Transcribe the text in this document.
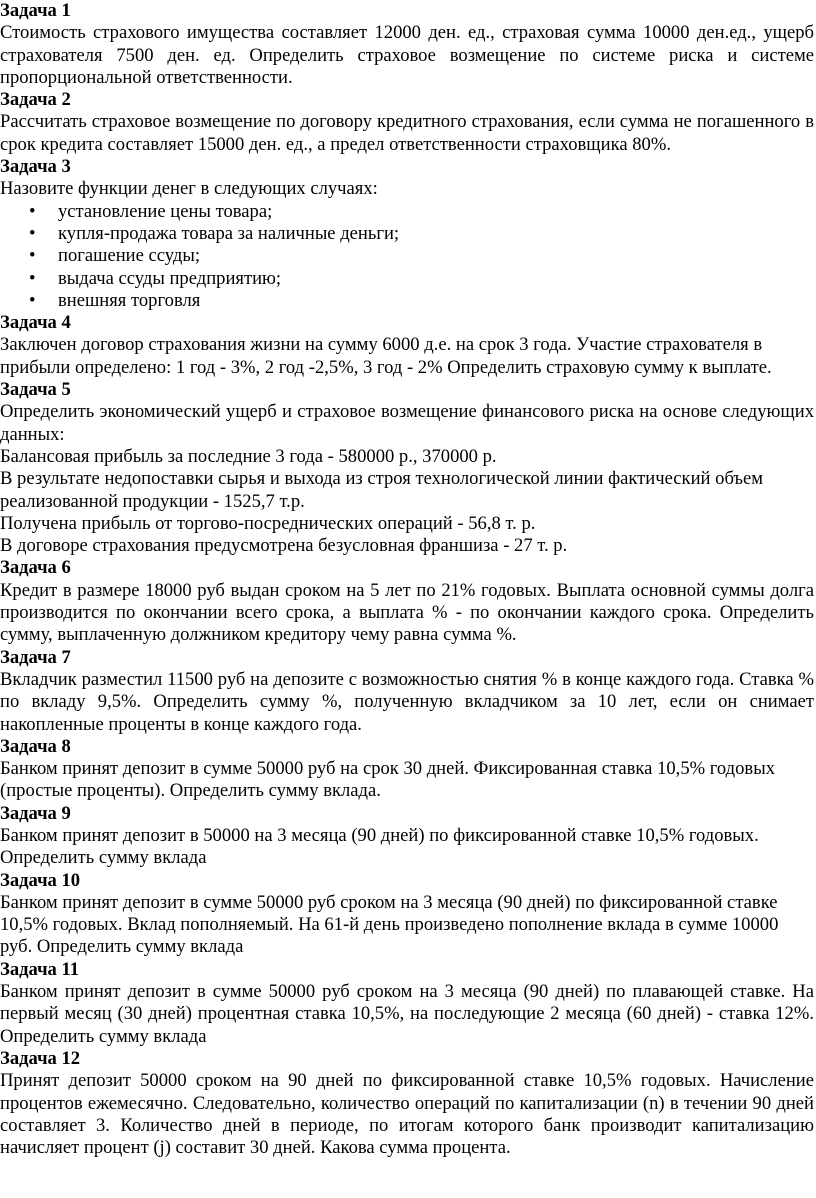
Задача 1

Стоимость страхового имущества составляет 12000 ден. ед., страховая сумма 10000 ден.ед., ущерб страхователя 7500 ден. ед. Определить страховое возмещение по системе риска и системе пропорциональной ответственности.

Задача 2

Рассчитать страховое возмещение по договору кредитного страхования, если сумма не погашенного в срок кредита составляет 15000 ден. ед., а предел ответственности страховщика 80%.

Задача 3

Назовите функции денег в следующих случаях:

• установление цены товара;
• купля-продажа товара за наличные деньги;
• погашение ссуды;
• выдача ссуды предприятию;
• внешняя торговля

Задача 4

Заключен договор страхования жизни на сумму 6000 д.е. на срок 3 года. Участие страхователя в прибыли определено: 1 год - 3%, 2 год -2,5%, 3 год - 2% Определить страховую сумму к выплате.

Задача 5

Определить экономический ущерб и страховое возмещение финансового риска на основе следующих данных:

Балансовая прибыль за последние 3 года - 580000 р., 370000 р.

В результате недопоставки сырья и выхода из строя технологической линии фактический объем реализованной продукции - 1525,7 т.р.

Получена прибыль от торгово-посреднических операций - 56,8 т. р.

В договоре страхования предусмотрена безусловная франшиза - 27 т. р.

Задача 6

Кредит в размере 18000 руб выдан сроком на 5 лет по 21% годовых. Выплата основной суммы долга производится по окончании всего срока, а выплата % - по окончании каждого срока. Определить сумму, выплаченную должником кредитору чему равна сумма %.

Задача 7

Вкладчик разместил 11500 руб на депозите с возможностью снятия % в конце каждого года. Ставка % по вкладу 9,5%. Определить сумму %, полученную вкладчиком за 10 лет, если он снимает накопленные проценты в конце каждого года.

Задача 8

Банком принят депозит в сумме 50000 руб на срок 30 дней. Фиксированная ставка 10,5% годовых (простые проценты). Определить сумму вклада.

Задача 9

Банком принят депозит в 50000 на 3 месяца (90 дней) по фиксированной ставке 10,5% годовых. Определить сумму вклада

Задача 10

Банком принят депозит в сумме 50000 руб сроком на 3 месяца (90 дней) по фиксированной ставке 10,5% годовых. Вклад пополняемый. На 61-й день произведено пополнение вклада в сумме 10000 руб. Определить сумму вклада

Задача 11

Банком принят депозит в сумме 50000 руб сроком на 3 месяца (90 дней) по плавающей ставке. На первый месяц (30 дней) процентная ставка 10,5%, на последующие 2 месяца (60 дней) - ставка 12%. Определить сумму вклада

Задача 12

Принят депозит 50000 сроком на 90 дней по фиксированной ставке 10,5% годовых. Начисление процентов ежемесячно. Следовательно, количество операций по капитализации (n) в течении 90 дней составляет 3. Количество дней в периоде, по итогам которого банк производит капитализацию начисляет процент (j) составит 30 дней. Какова сумма процента.
